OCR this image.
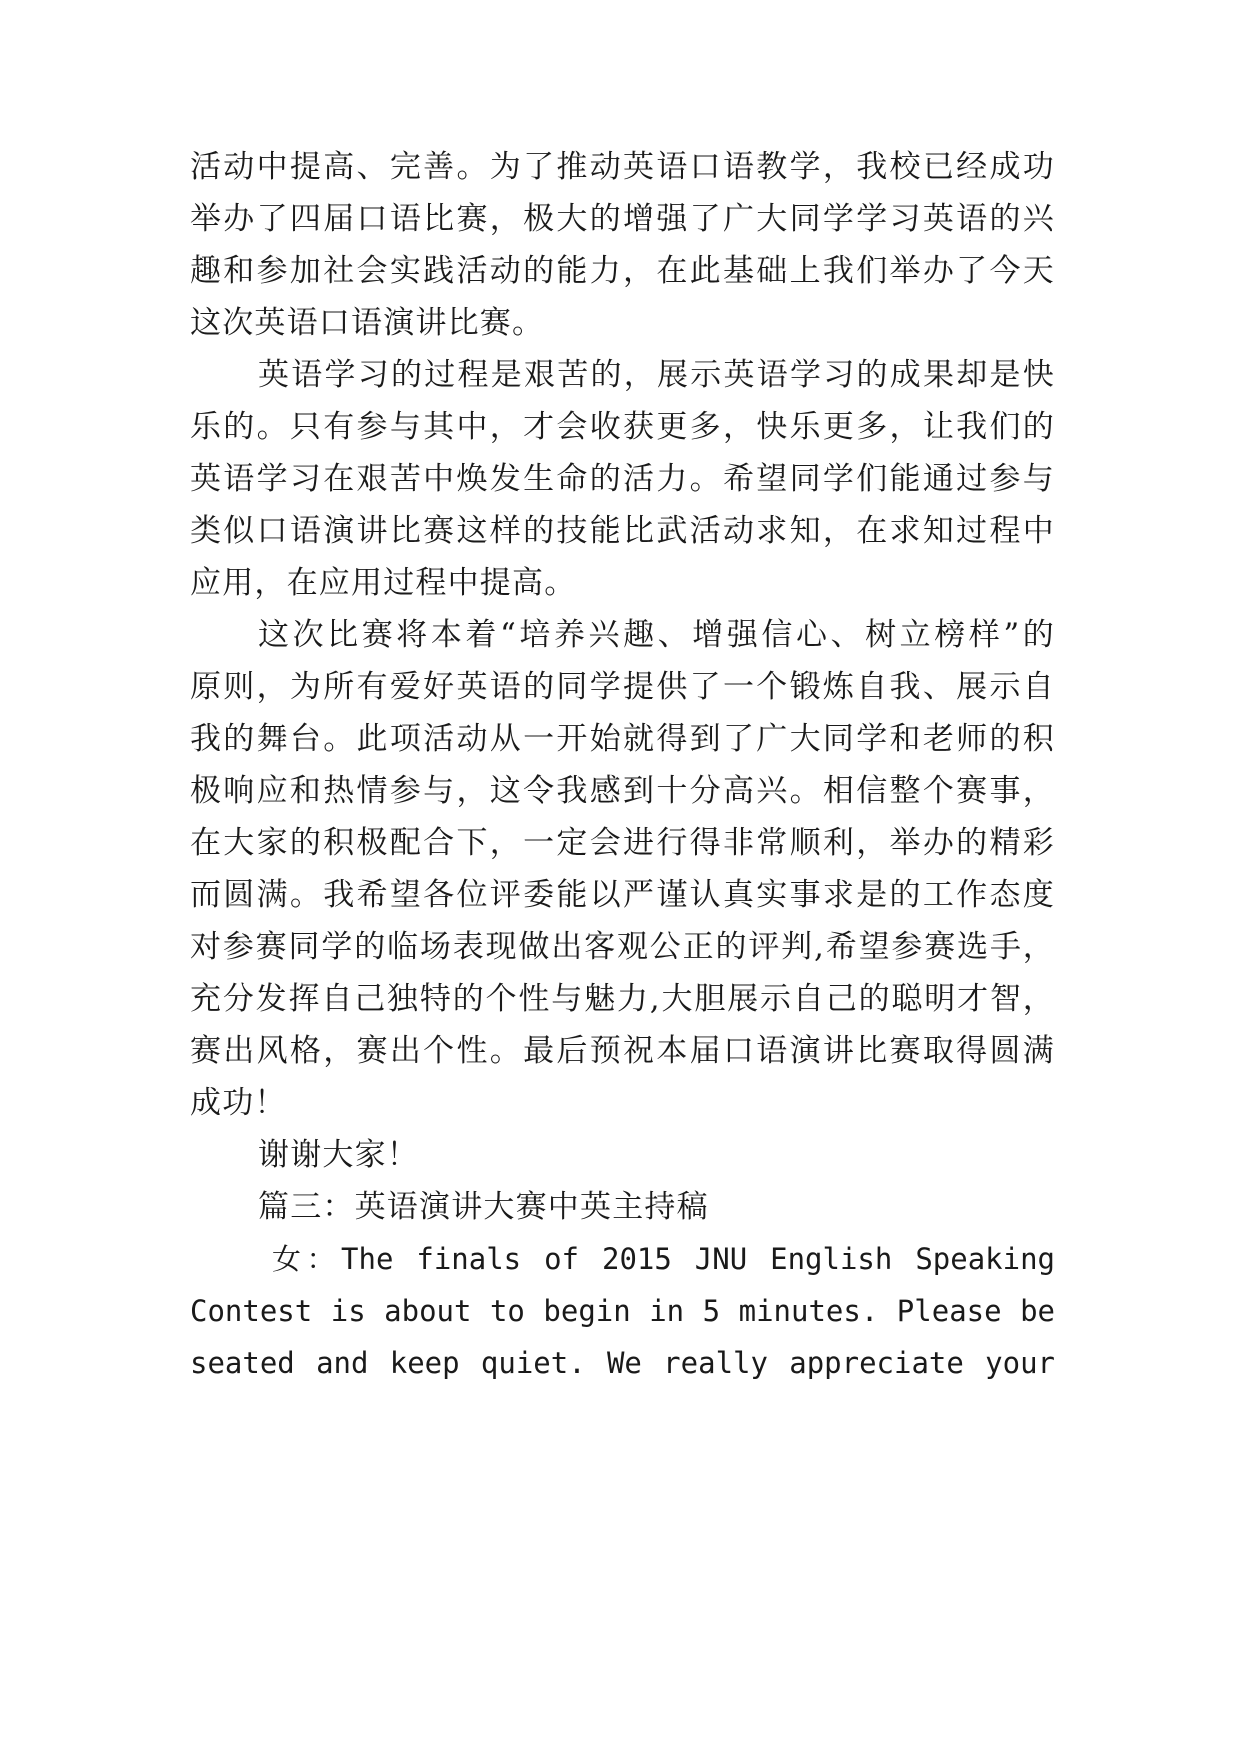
活动中提高、完善。为了推动英语口语教学，我校已经成功
举办了四届口语比赛，极大的增强了广大同学学习英语的兴
趣和参加社会实践活动的能力，在此基础上我们举办了今天
这次英语口语演讲比赛。
英语学习的过程是艰苦的，展示英语学习的成果却是快
乐的。只有参与其中，才会收获更多，快乐更多，让我们的
英语学习在艰苦中焕发生命的活力。希望同学们能通过参与
类似口语演讲比赛这样的技能比武活动求知，在求知过程中
应用，在应用过程中提高。
这次比赛将本着“培养兴趣、增强信心、树立榜样”的
原则，为所有爱好英语的同学提供了一个锻炼自我、展示自
我的舞台。此项活动从一开始就得到了广大同学和老师的积
极响应和热情参与，这令我感到十分高兴。相信整个赛事，
在大家的积极配合下，一定会进行得非常顺利，举办的精彩
而圆满。我希望各位评委能以严谨认真实事求是的工作态度
对参赛同学的临场表现做出客观公正的评判,希望参赛选手，
充分发挥自己独特的个性与魅力,大胆展示自己的聪明才智，
赛出风格，赛出个性。最后预祝本届口语演讲比赛取得圆满
成功！
谢谢大家！
篇三：英语演讲大赛中英主持稿
女：The finals of 2015 JNU English Speaking
Contest is about to begin in 5 minutes. Please be
seated and keep quiet. We really appreciate your
